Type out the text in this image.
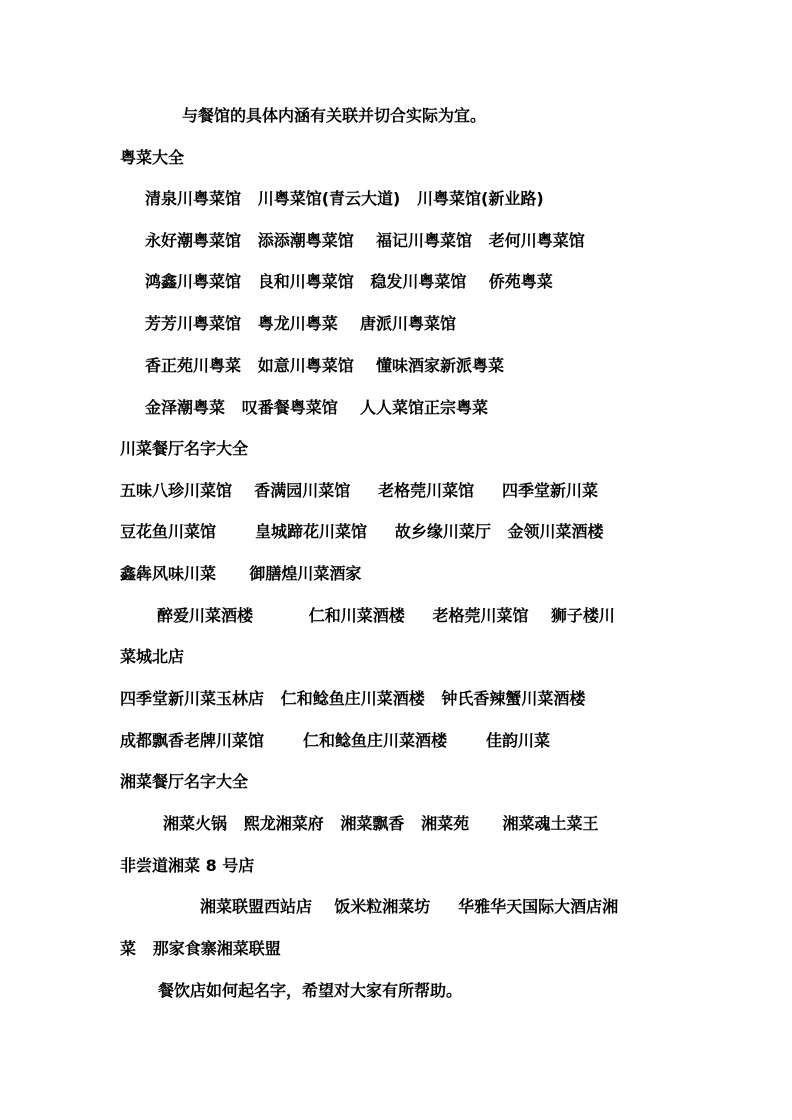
与餐馆的具体内涵有关联并切合实际为宜。
粤菜大全
清泉川粤菜馆   川粤菜馆(青云大道)   川粤菜馆(新业路)
永好潮粤菜馆   添添潮粤菜馆    福记川粤菜馆   老何川粤菜馆
鸿鑫川粤菜馆   良和川粤菜馆   稳发川粤菜馆    侨苑粤菜
芳芳川粤菜馆   粤龙川粤菜    唐派川粤菜馆
香正苑川粤菜   如意川粤菜馆    懂味酒家新派粤菜
金泽潮粤菜   叹番餐粤菜馆    人人菜馆正宗粤菜
川菜餐厅名字大全
五味八珍川菜馆    香满园川菜馆     老格莞川菜馆     四季堂新川菜
豆花鱼川菜馆       皇城蹄花川菜馆     故乡缘川菜厅   金领川菜酒楼
鑫犇风味川菜      御膳煌川菜酒家
醉爱川菜酒楼          仁和川菜酒楼     老格莞川菜馆    狮子楼川
菜城北店
四季堂新川菜玉林店   仁和鲶鱼庄川菜酒楼   钟氏香辣蟹川菜酒楼
成都飘香老牌川菜馆       仁和鲶鱼庄川菜酒楼       佳韵川菜
湘菜餐厅名字大全
湘菜火锅   熙龙湘菜府   湘菜飘香   湘菜苑      湘菜魂土菜王
非尝道湘菜 8 号店
湘菜联盟西站店    饭米粒湘菜坊     华雅华天国际大酒店湘
菜   那家食寨湘菜联盟
餐饮店如何起名字，希望对大家有所帮助。
